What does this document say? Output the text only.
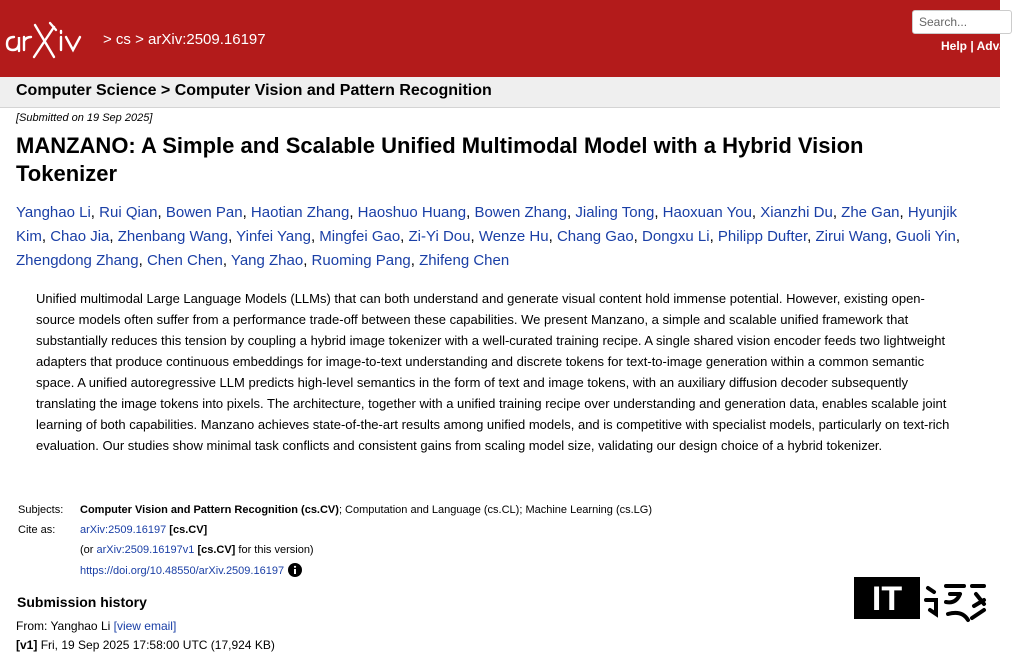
> cs > arXiv:2509.16197
Search...
Help | Adva
Computer Science > Computer Vision and Pattern Recognition
[Submitted on 19 Sep 2025]
MANZANO: A Simple and Scalable Unified Multimodal Model with a Hybrid Vision Tokenizer
Yanghao Li, Rui Qian, Bowen Pan, Haotian Zhang, Haoshuo Huang, Bowen Zhang, Jialing Tong, Haoxuan You, Xianzhi Du, Zhe Gan, Hyunjik Kim, Chao Jia, Zhenbang Wang, Yinfei Yang, Mingfei Gao, Zi-Yi Dou, Wenze Hu, Chang Gao, Dongxu Li, Philipp Dufter, Zirui Wang, Guoli Yin, Zhengdong Zhang, Chen Chen, Yang Zhao, Ruoming Pang, Zhifeng Chen

Unified multimodal Large Language Models (LLMs) that can both understand and generate visual content hold immense potential. However, existing open-source models often suffer from a performance trade-off between these capabilities. We present Manzano, a simple and scalable unified framework that substantially reduces this tension by coupling a hybrid image tokenizer with a well-curated training recipe. A single shared vision encoder feeds two lightweight adapters that produce continuous embeddings for image-to-text understanding and discrete tokens for text-to-image generation within a common semantic space. A unified autoregressive LLM predicts high-level semantics in the form of text and image tokens, with an auxiliary diffusion decoder subsequently translating the image tokens into pixels. The architecture, together with a unified training recipe over understanding and generation data, enables scalable joint learning of both capabilities. Manzano achieves state-of-the-art results among unified models, and is competitive with specialist models, particularly on text-rich evaluation. Our studies show minimal task conflicts and consistent gains from scaling model size, validating our design choice of a hybrid tokenizer.

Subjects:	Computer Vision and Pattern Recognition (cs.CV); Computation and Language (cs.CL); Machine Learning (cs.LG)
Cite as:	arXiv:2509.16197 [cs.CV]
	(or arXiv:2509.16197v1 [cs.CV] for this version)
	https://doi.org/10.48550/arXiv.2509.16197
Submission history
From: Yanghao Li [view email]
[v1] Fri, 19 Sep 2025 17:58:00 UTC (17,924 KB)
IT
